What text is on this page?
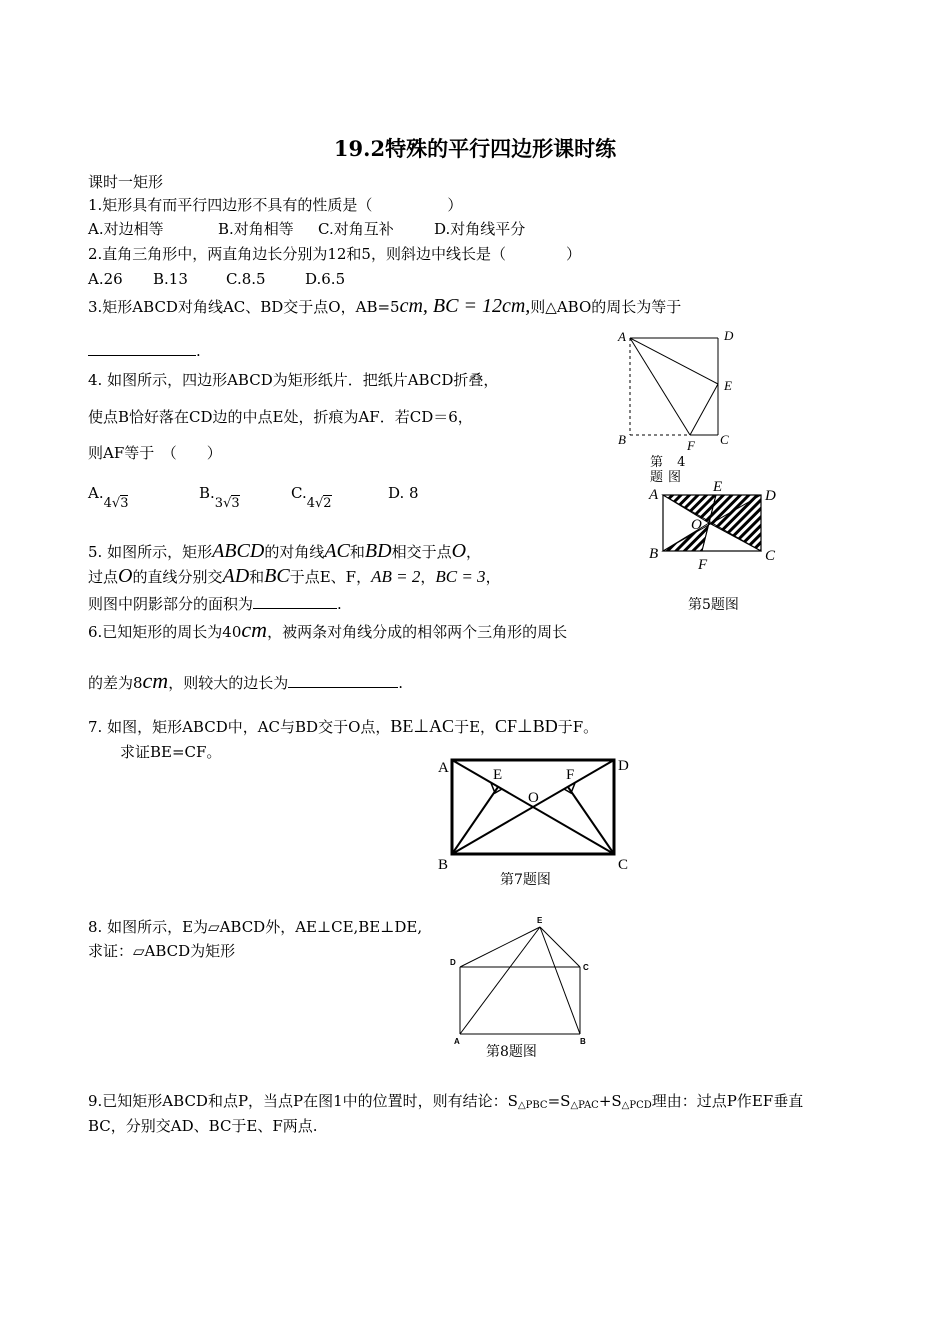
19.2特殊的平行四边形课时练
课时一矩形
1.矩形具有而平行四边形不具有的性质是（　　　　　）
A.对边相等	B.对角相等 C.对角互补	D.对角线平分
2.直角三角形中，两直角边长分别为12和5，则斜边中线长是（　　　　）
A.26 B.13	C.8.5	D.6.5
3.矩形ABCD对角线AC、BD交于点O，AB=5cm, BC = 12cm,则△ABO的周长为等于
.
4. 如图所示，四边形ABCD为矩形纸片．把纸片ABCD折叠，
使点B恰好落在CD边的中点E处，折痕为AF．若CD＝6，
则AF等于　（　　）
A.4√3
B.3√3
C.4√2
D. 8
A	D
E
B	F C
第 4 题图
A	E
D
O
B
F
C
第5题图
5. 如图所示，矩形ABCD的对角线AC和BD相交于点O，
过点O的直线分别交AD和BC于点E、F，AB = 2，BC = 3，
则图中阴影部分的面积为	.
6.已知矩形的周长为40cm，被两条对角线分成的相邻两个三角形的周长
的差为8cm，则较大的边长为	.
7. 如图，矩形ABCD中，AC与BD交于O点，BE⊥AC于E，CF⊥BD于F。
求证BE=CF。
A	E	F
D
O
B	C
第7题图
8. 如图所示，E为▱ABCD外，AE⊥CE,BE⊥DE,
求证：▱ABCD为矩形
E
D
C
A	B
第8题图
9.已知矩形ABCD和点P，当点P在图1中的位置时，则有结论：$S_{\triangle PBC}=S_{\triangle PAC}+S_{\triangle PCD}$理由：过点P作EF垂直
BC，分别交AD、BC于E、F两点.
